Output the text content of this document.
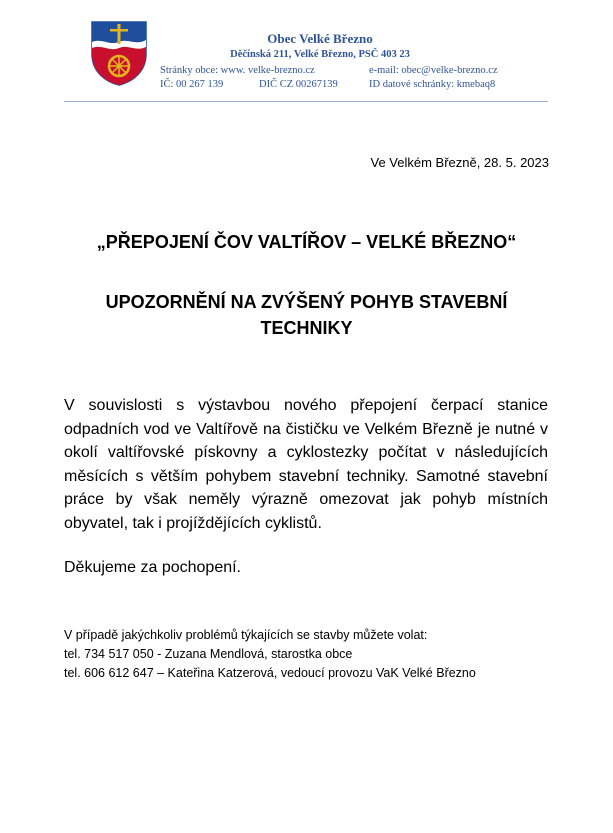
Obec Velké Březno
Děčínská 211, Velké Březno, PSČ 403 23
Stránky obce: www. velke-brezno.cz	e-mail: obec@velke-brezno.cz
IČ: 00 267 139	DIČ CZ 00267139	ID datové schránky: kmebaq8
Ve Velkém Březně, 28. 5. 2023
„PŘEPOJENÍ ČOV VALTÍŘOV – VELKÉ BŘEZNO“
UPOZORNĚNÍ NA ZVÝŠENÝ POHYB STAVEBNÍ
TECHNIKY
V souvislosti s výstavbou nového přepojení čerpací stanice odpadních vod ve Valtířově na čističku ve Velkém Březně je nutné v okolí valtířovské pískovny a cyklostezky počítat v následujících měsících s větším pohybem stavební techniky. Samotné stavební práce by však neměly výrazně omezovat jak pohyb místních obyvatel, tak i projíždějících cyklistů.
Děkujeme za pochopení.
V případě jakýchkoliv problémů týkajících se stavby můžete volat:
tel. 734 517 050 - Zuzana Mendlová, starostka obce
tel. 606 612 647 – Kateřina Katzerová, vedoucí provozu VaK Velké Březno
